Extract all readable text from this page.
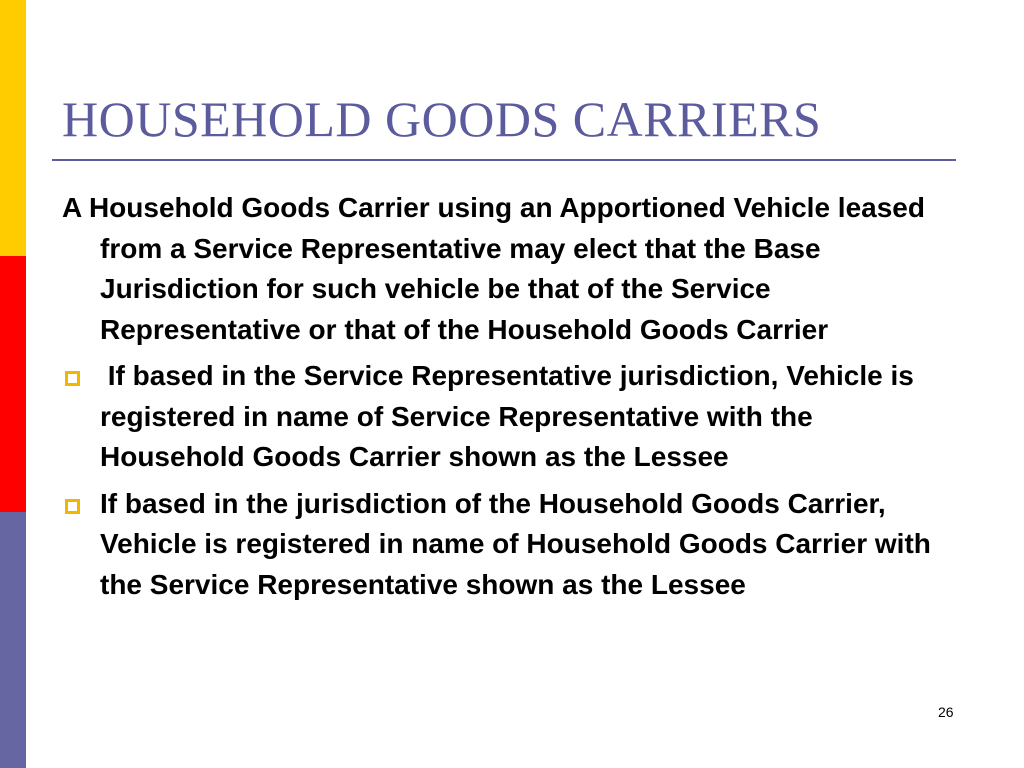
HOUSEHOLD GOODS CARRIERS

A Household Goods Carrier using an Apportioned Vehicle leased from a Service Representative may elect that the Base Jurisdiction for such vehicle be that of the Service Representative or that of the Household Goods Carrier

If based in the Service Representative jurisdiction, Vehicle is registered in name of Service Representative with the Household Goods Carrier shown as the Lessee
If based in the jurisdiction of the Household Goods Carrier, Vehicle is registered in name of Household Goods Carrier with the Service Representative shown as the Lessee
26
